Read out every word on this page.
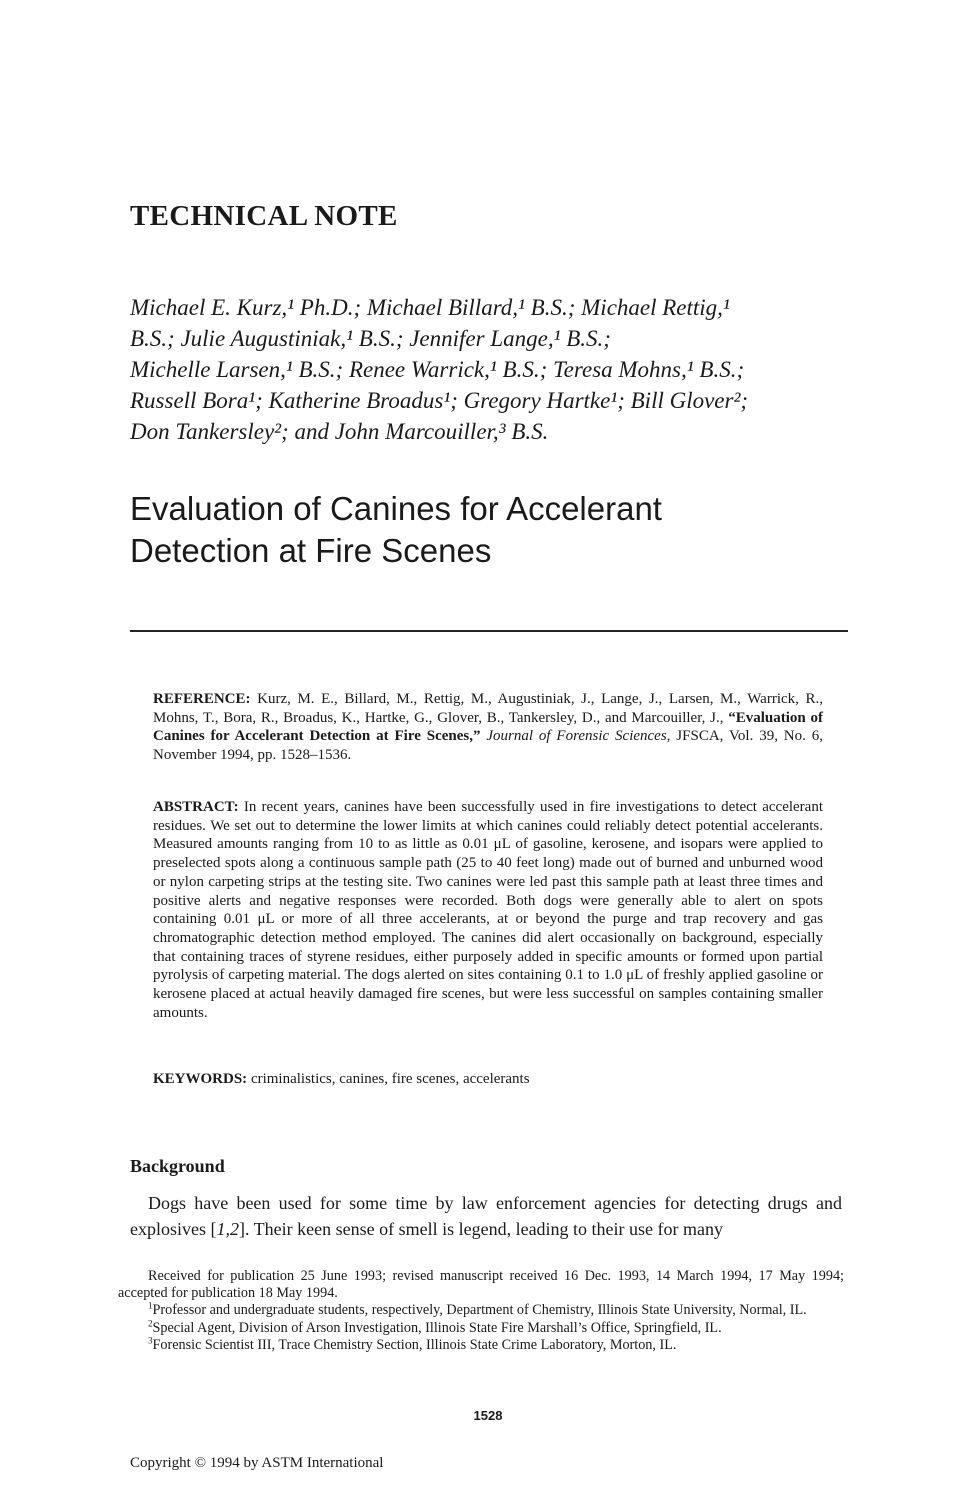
TECHNICAL NOTE
Michael E. Kurz,¹ Ph.D.; Michael Billard,¹ B.S.; Michael Rettig,¹
B.S.; Julie Augustiniak,¹ B.S.; Jennifer Lange,¹ B.S.;
Michelle Larsen,¹ B.S.; Renee Warrick,¹ B.S.; Teresa Mohns,¹ B.S.;
Russell Bora¹; Katherine Broadus¹; Gregory Hartke¹; Bill Glover²;
Don Tankersley²; and John Marcouiller,³ B.S.
Evaluation of Canines for Accelerant
Detection at Fire Scenes
REFERENCE: Kurz, M. E., Billard, M., Rettig, M., Augustiniak, J., Lange, J., Larsen, M., Warrick, R., Mohns, T., Bora, R., Broadus, K., Hartke, G., Glover, B., Tankersley, D., and Marcouiller, J., “Evaluation of Canines for Accelerant Detection at Fire Scenes,” Journal of Forensic Sciences, JFSCA, Vol. 39, No. 6, November 1994, pp. 1528–1536.
ABSTRACT: In recent years, canines have been successfully used in fire investigations to detect accelerant residues. We set out to determine the lower limits at which canines could reliably detect potential accelerants. Measured amounts ranging from 10 to as little as 0.01 μL of gasoline, kerosene, and isopars were applied to preselected spots along a continuous sample path (25 to 40 feet long) made out of burned and unburned wood or nylon carpeting strips at the testing site. Two canines were led past this sample path at least three times and positive alerts and negative responses were recorded. Both dogs were generally able to alert on spots containing 0.01 μL or more of all three accelerants, at or beyond the purge and trap recovery and gas chromatographic detection method employed. The canines did alert occasionally on background, especially that containing traces of styrene residues, either purposely added in specific amounts or formed upon partial pyrolysis of carpeting material. The dogs alerted on sites containing 0.1 to 1.0 μL of freshly applied gasoline or kerosene placed at actual heavily damaged fire scenes, but were less successful on samples containing smaller amounts.
KEYWORDS: criminalistics, canines, fire scenes, accelerants
Background
Dogs have been used for some time by law enforcement agencies for detecting drugs and explosives [1,2]. Their keen sense of smell is legend, leading to their use for many
Received for publication 25 June 1993; revised manuscript received 16 Dec. 1993, 14 March 1994, 17 May 1994; accepted for publication 18 May 1994.
$^1$Professor and undergraduate students, respectively, Department of Chemistry, Illinois State University, Normal, IL.
$^2$Special Agent, Division of Arson Investigation, Illinois State Fire Marshall’s Office, Springfield, IL.
$^3$Forensic Scientist III, Trace Chemistry Section, Illinois State Crime Laboratory, Morton, IL.
1528
Copyright © 1994 by ASTM International
